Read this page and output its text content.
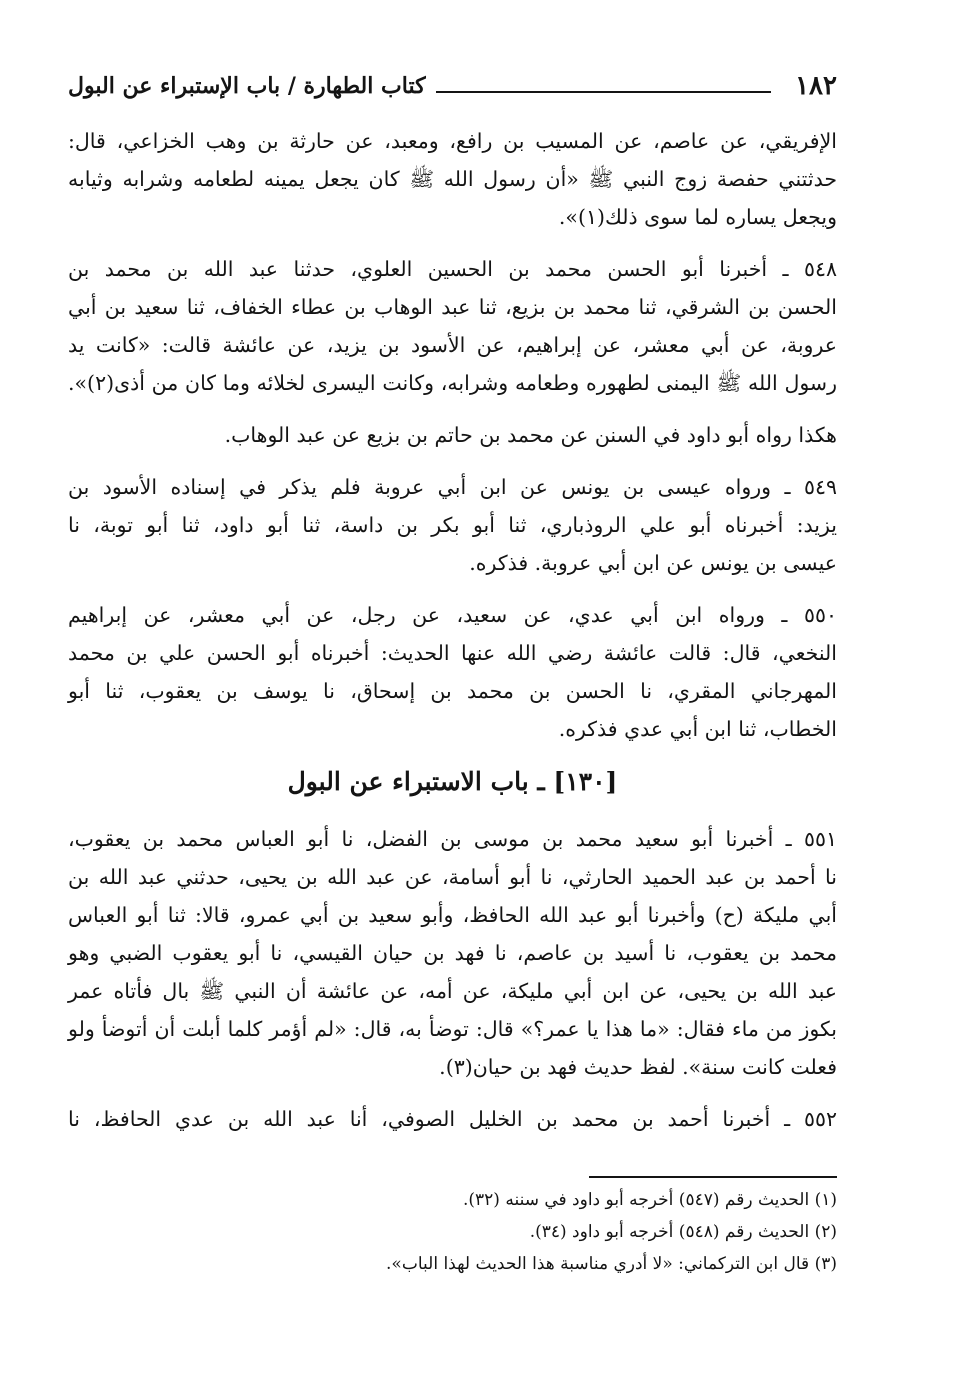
١٨٢
كتاب الطهارة / باب الإستبراء عن البول

الإفريقي، عن عاصم، عن المسيب بن رافع، ومعبد، عن حارثة بن وهب الخزاعي، قال:
حدثتني حفصة زوج النبي ﷺ «أن رسول الله ﷺ كان يجعل يمينه لطعامه وشرابه وثيابه
ويجعل يساره لما سوى ذلك(١)».

٥٤٨ ـ أخبرنا أبو الحسن محمد بن الحسين العلوي، حدثنا عبد الله بن محمد بن
الحسن بن الشرقي، ثنا محمد بن بزيع، ثنا عبد الوهاب بن عطاء الخفاف، ثنا سعيد بن أبي
عروبة، عن أبي معشر، عن إبراهيم، عن الأسود بن يزيد، عن عائشة قالت: «كانت يد
رسول الله ﷺ اليمنى لطهوره وطعامه وشرابه، وكانت اليسرى لخلائه وما كان من أذى(٢)».

هكذا رواه أبو داود في السنن عن محمد بن حاتم بن بزيع عن عبد الوهاب.

٥٤٩ ـ ورواه عيسى بن يونس عن ابن أبي عروبة فلم يذكر في إسناده الأسود بن
يزيد: أخبرناه أبو علي الروذباري، ثنا أبو بكر بن داسة، ثنا أبو داود، ثنا أبو توبة، نا
عيسى بن يونس عن ابن أبي عروبة. فذكره.

٥٥٠ ـ ورواه ابن أبي عدي، عن سعيد، عن رجل، عن أبي معشر، عن إبراهيم
النخعي، قال: قالت عائشة رضي الله عنها الحديث: أخبرناه أبو الحسن علي بن محمد
المهرجاني المقري، نا الحسن بن محمد بن إسحاق، نا يوسف بن يعقوب، ثنا أبو
الخطاب، ثنا ابن أبي عدي فذكره.

[١٣٠] ـ باب الاستبراء عن البول

٥٥١ ـ أخبرنا أبو سعيد محمد بن موسى بن الفضل، نا أبو العباس محمد بن يعقوب،
نا أحمد بن عبد الحميد الحارثي، نا أبو أسامة، عن عبد الله بن يحيى، حدثني عبد الله بن
أبي مليكة (ح) وأخبرنا أبو عبد الله الحافظ، وأبو سعيد بن أبي عمرو، قالا: ثنا أبو العباس
محمد بن يعقوب، نا أسيد بن عاصم، نا فهد بن حيان القيسي، نا أبو يعقوب الضبي وهو
عبد الله بن يحيى، عن ابن أبي مليكة، عن أمه، عن عائشة أن النبي ﷺ بال فأتاه عمر
بكوز من ماء فقال: «ما هذا يا عمر؟» قال: توضأ به، قال: «لم أؤمر كلما أبلت أن أتوضأ ولو
فعلت كانت سنة». لفظ حديث فهد بن حيان(٣).

٥٥٢ ـ أخبرنا أحمد بن محمد بن الخليل الصوفي، أنا عبد الله بن عدي الحافظ، نا

(١) الحديث رقم (٥٤٧) أخرجه أبو داود في سننه (٣٢).
(٢) الحديث رقم (٥٤٨) أخرجه أبو داود (٣٤).
(٣) قال ابن التركماني: «لا أدري مناسبة هذا الحديث لهذا الباب».
